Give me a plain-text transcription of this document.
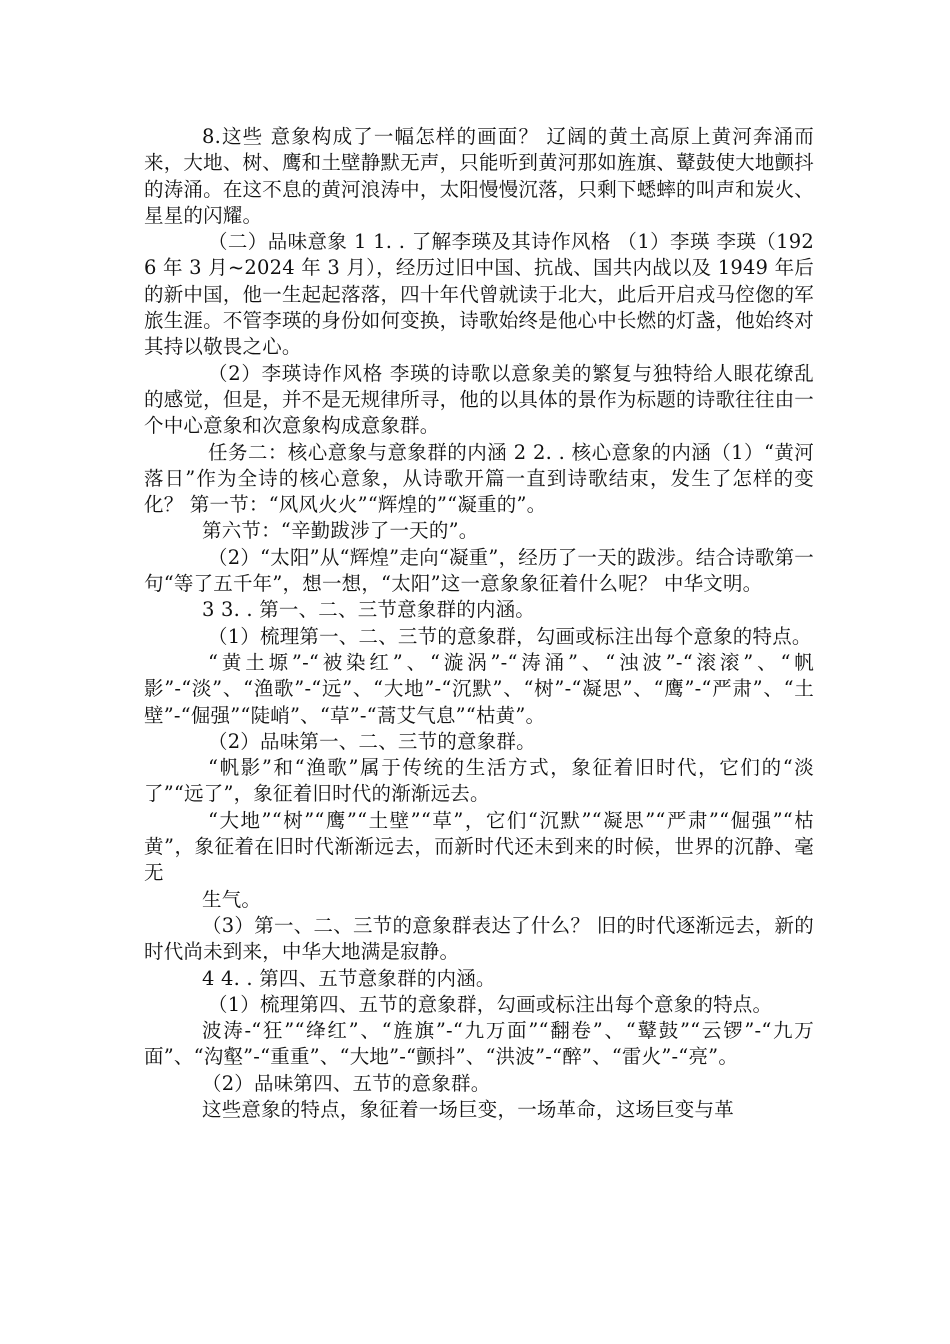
8.这些 意象构成了一幅怎样的画面？ 辽阔的黄土高原上黄河奔涌而来，大地、树、鹰和土壁静默无声，只能听到黄河那如旌旗、鼙鼓使大地颤抖的涛涌。在这不息的黄河浪涛中，太阳慢慢沉落，只剩下蟋蟀的叫声和炭火、星星的闪耀。

（二）品味意象 1 1. . 了解李瑛及其诗作风格 （1）李瑛 李瑛（1926 年 3 月~2024 年 3 月），经历过旧中国、抗战、国共内战以及 1949 年后的新中国，他一生起起落落，四十年代曾就读于北大，此后开启戎马倥偬的军旅生涯。不管李瑛的身份如何变换，诗歌始终是他心中长燃的灯盏，他始终对其持以敬畏之心。

（2）李瑛诗作风格 李瑛的诗歌以意象美的繁复与独特给人眼花缭乱的感觉，但是，并不是无规律所寻，他的以具体的景作为标题的诗歌往往由一个中心意象和次意象构成意象群。

任务二：核心意象与意象群的内涵 2 2. . 核心意象的内涵（1）“黄河落日”作为全诗的核心意象，从诗歌开篇一直到诗歌结束，发生了怎样的变化？ 第一节：“风风火火”“辉煌的”“凝重的”。

第六节：“辛勤跋涉了一天的”。

（2）“太阳”从“辉煌”走向“凝重”，经历了一天的跋涉。结合诗歌第一句“等了五千年”，想一想，“太阳”这一意象象征着什么呢？ 中华文明。

3 3. . 第一、二、三节意象群的内涵。

（1）梳理第一、二、三节的意象群，勾画或标注出每个意象的特点。

“黄土塬”-“被染红”、“漩涡”-“涛涌”、“浊波”-“滚滚”、“帆影”-“淡”、“渔歌”-“远”、“大地”-“沉默”、“树”-“凝思”、“鹰”-“严肃”、“土壁”-“倔强”“陡峭”、“草”-“蒿艾气息”“枯黄”。

（2）品味第一、二、三节的意象群。

“帆影”和“渔歌”属于传统的生活方式，象征着旧时代，它们的“淡了”“远了”，象征着旧时代的渐渐远去。

“大地”“树”“鹰”“土壁”“草”，它们“沉默”“凝思”“严肃”“倔强”“枯黄”，象征着在旧时代渐渐远去，而新时代还未到来的时候，世界的沉静、毫无

生气。

（3）第一、二、三节的意象群表达了什么？ 旧的时代逐渐远去，新的时代尚未到来，中华大地满是寂静。

4 4. . 第四、五节意象群的内涵。

（1）梳理第四、五节的意象群，勾画或标注出每个意象的特点。

波涛-“狂”“绛红”、“旌旗”-“九万面”“翻卷”、“鼙鼓”“云锣”-“九万面”、“沟壑”-“重重”、“大地”-“颤抖”、“洪波”-“醉”、“雷火”-“亮”。

（2）品味第四、五节的意象群。

这些意象的特点，象征着一场巨变，一场革命，这场巨变与革
